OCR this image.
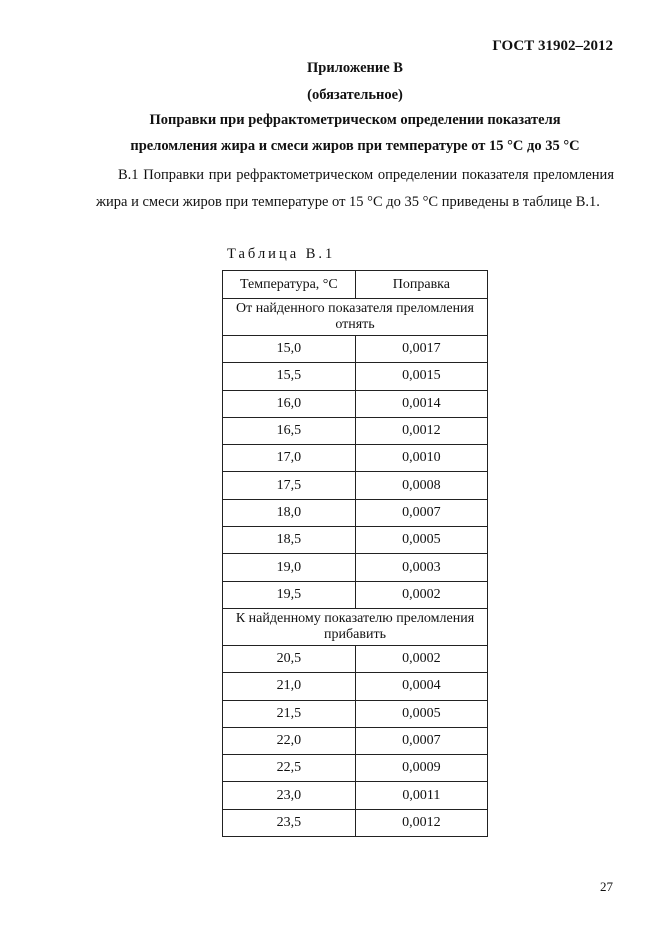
ГОСТ 31902–2012
Приложение В
(обязательное)
Поправки при рефрактометрическом определении показателя
преломления жира и смеси жиров при температуре от 15 °С до 35 °С
В.1 Поправки при рефрактометрическом определении показателя преломления жира и смеси жиров при температуре от 15 °С до 35 °С приведены в таблице В.1.
Таблица В.1
Температура, °С	Поправка
От найденного показателя преломления отнять	
15,0	0,0017
15,5	0,0015
16,0	0,0014
16,5	0,0012
17,0	0,0010
17,5	0,0008
18,0	0,0007
18,5	0,0005
19,0	0,0003
19,5	0,0002
К найденному показателю преломления прибавить	
20,5	0,0002
21,0	0,0004
21,5	0,0005
22,0	0,0007
22,5	0,0009
23,0	0,0011
23,5	0,0012
27
